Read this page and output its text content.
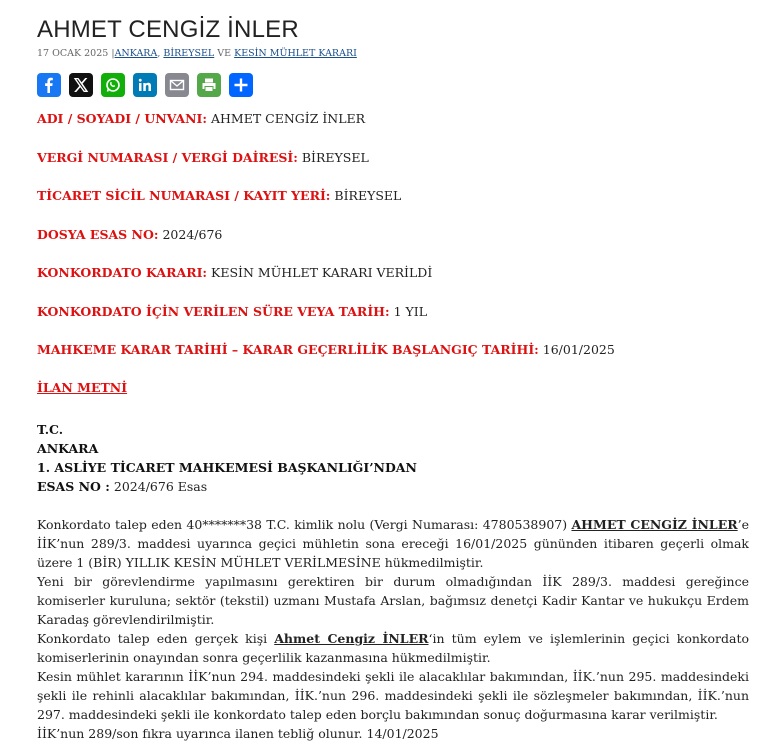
AHMET CENGİZ İNLER
17 OCAK 2025 |ANKARA, BİREYSEL VE KESİN MÜHLET KARARI
ADI / SOYADI / UNVANI: AHMET CENGİZ İNLER
VERGİ NUMARASI / VERGİ DAİRESİ: BİREYSEL
TİCARET SİCİL NUMARASI / KAYIT YERİ: BİREYSEL
DOSYA ESAS NO: 2024/676
KONKORDATO KARARI: KESİN MÜHLET KARARI VERİLDİ
KONKORDATO İÇİN VERİLEN SÜRE VEYA TARİH: 1 YIL
MAHKEME KARAR TARİHİ – KARAR GEÇERLİLİK BAŞLANGIÇ TARİHİ: 16/01/2025
İLAN METNİ
T.C.
ANKARA
1. ASLİYE TİCARET MAHKEMESİ BAŞKANLIĞI’NDAN
ESAS NO : 2024/676 Esas

Konkordato talep eden 40*******38 T.C. kimlik nolu (Vergi Numarası: 4780538907) AHMET CENGİZ İNLER’e İİK’nun 289/3. maddesi uyarınca geçici mühletin sona ereceği 16/01/2025 gününden itibaren geçerli olmak üzere 1 (BİR) YILLIK KESİN MÜHLET VERİLMESİNE hükmedilmiştir.

Yeni bir görevlendirme yapılmasını gerektiren bir durum olmadığından İİK 289/3. maddesi gereğince komiserler kuruluna; sektör (tekstil) uzmanı Mustafa Arslan, bağımsız denetçi Kadir Kantar ve hukukçu Erdem Karadaş görevlendirilmiştir.

Konkordato talep eden gerçek kişi Ahmet Cengiz İNLER‘in tüm eylem ve işlemlerinin geçici konkordato komiserlerinin onayından sonra geçerlilik kazanmasına hükmedilmiştir.

Kesin mühlet kararının İİK’nun 294. maddesindeki şekli ile alacaklılar bakımından, İİK.’nun 295. maddesindeki şekli ile rehinli alacaklılar bakımından, İİK.’nun 296. maddesindeki şekli ile sözleşmeler bakımından, İİK.’nun 297. maddesindeki şekli ile konkordato talep eden borçlu bakımından sonuç doğurmasına karar verilmiştir.

İİK’nun 289/son fıkra uyarınca ilanen tebliğ olunur. 14/01/2025
